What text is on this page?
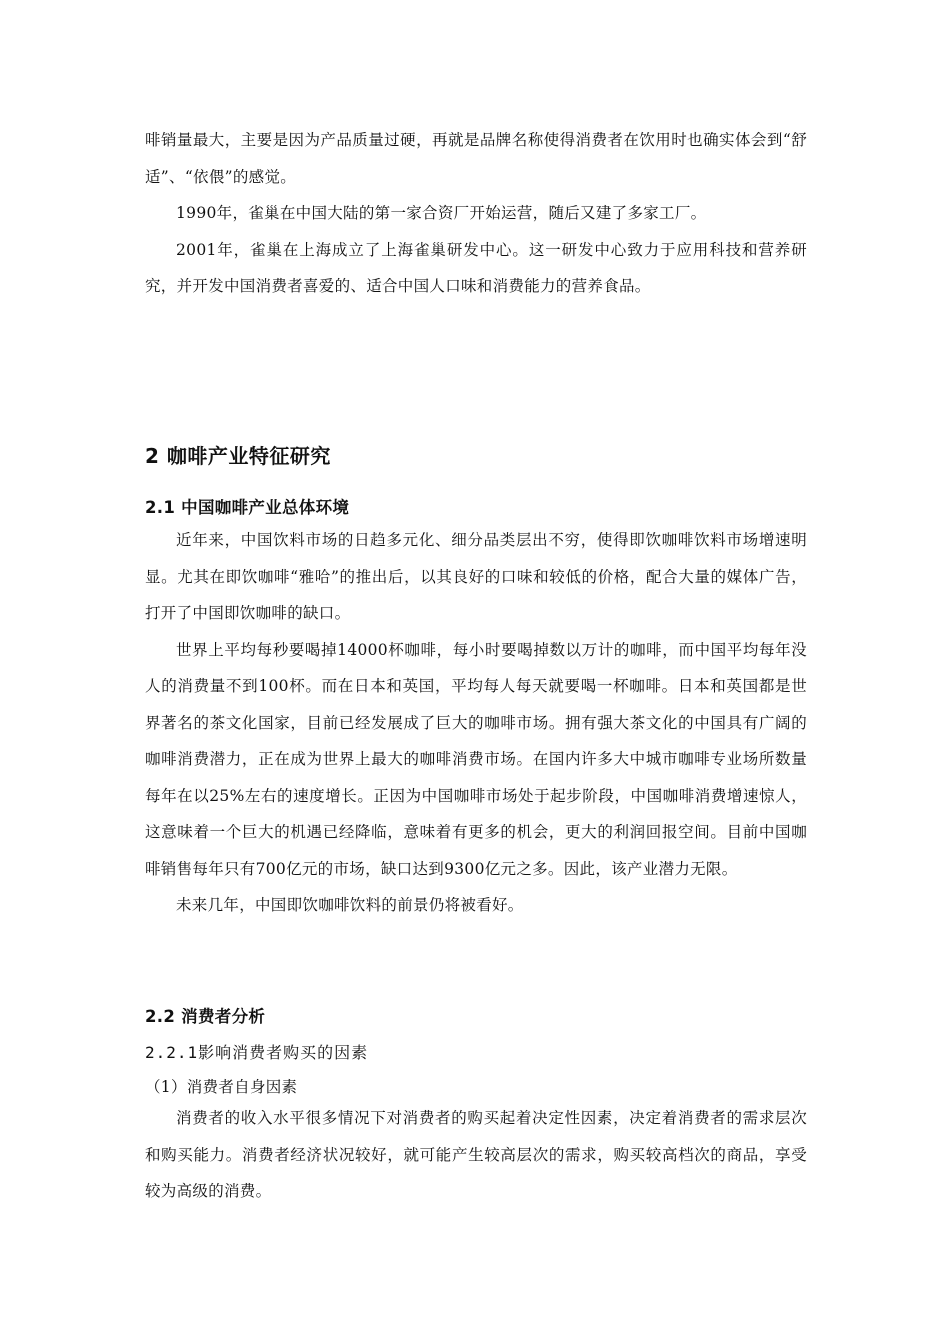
啡销量最大，主要是因为产品质量过硬，再就是品牌名称使得消费者在饮用时也确实体会到“舒适”、“依偎”的感觉。

1990年，雀巢在中国大陆的第一家合资厂开始运营，随后又建了多家工厂。

2001年，雀巢在上海成立了上海雀巢研发中心。这一研发中心致力于应用科技和营养研究，并开发中国消费者喜爱的、适合中国人口味和消费能力的营养食品。

2 咖啡产业特征研究
2.1 中国咖啡产业总体环境

近年来，中国饮料市场的日趋多元化、细分品类层出不穷，使得即饮咖啡饮料市场增速明显。尤其在即饮咖啡“雅哈”的推出后，以其良好的口味和较低的价格，配合大量的媒体广告，打开了中国即饮咖啡的缺口。

世界上平均每秒要喝掉14000杯咖啡，每小时要喝掉数以万计的咖啡，而中国平均每年没人的消费量不到100杯。而在日本和英国，平均每人每天就要喝一杯咖啡。日本和英国都是世界著名的茶文化国家，目前已经发展成了巨大的咖啡市场。拥有强大茶文化的中国具有广阔的咖啡消费潜力，正在成为世界上最大的咖啡消费市场。在国内许多大中城市咖啡专业场所数量每年在以25%左右的速度增长。正因为中国咖啡市场处于起步阶段，中国咖啡消费增速惊人，这意味着一个巨大的机遇已经降临，意味着有更多的机会，更大的利润回报空间。目前中国咖啡销售每年只有700亿元的市场，缺口达到9300亿元之多。因此，该产业潜力无限。

未来几年，中国即饮咖啡饮料的前景仍将被看好。

2.2 消费者分析
2.2.1影响消费者购买的因素
（1）消费者自身因素

消费者的收入水平很多情况下对消费者的购买起着决定性因素，决定着消费者的需求层次和购买能力。消费者经济状况较好，就可能产生较高层次的需求，购买较高档次的商品，享受较为高级的消费。
